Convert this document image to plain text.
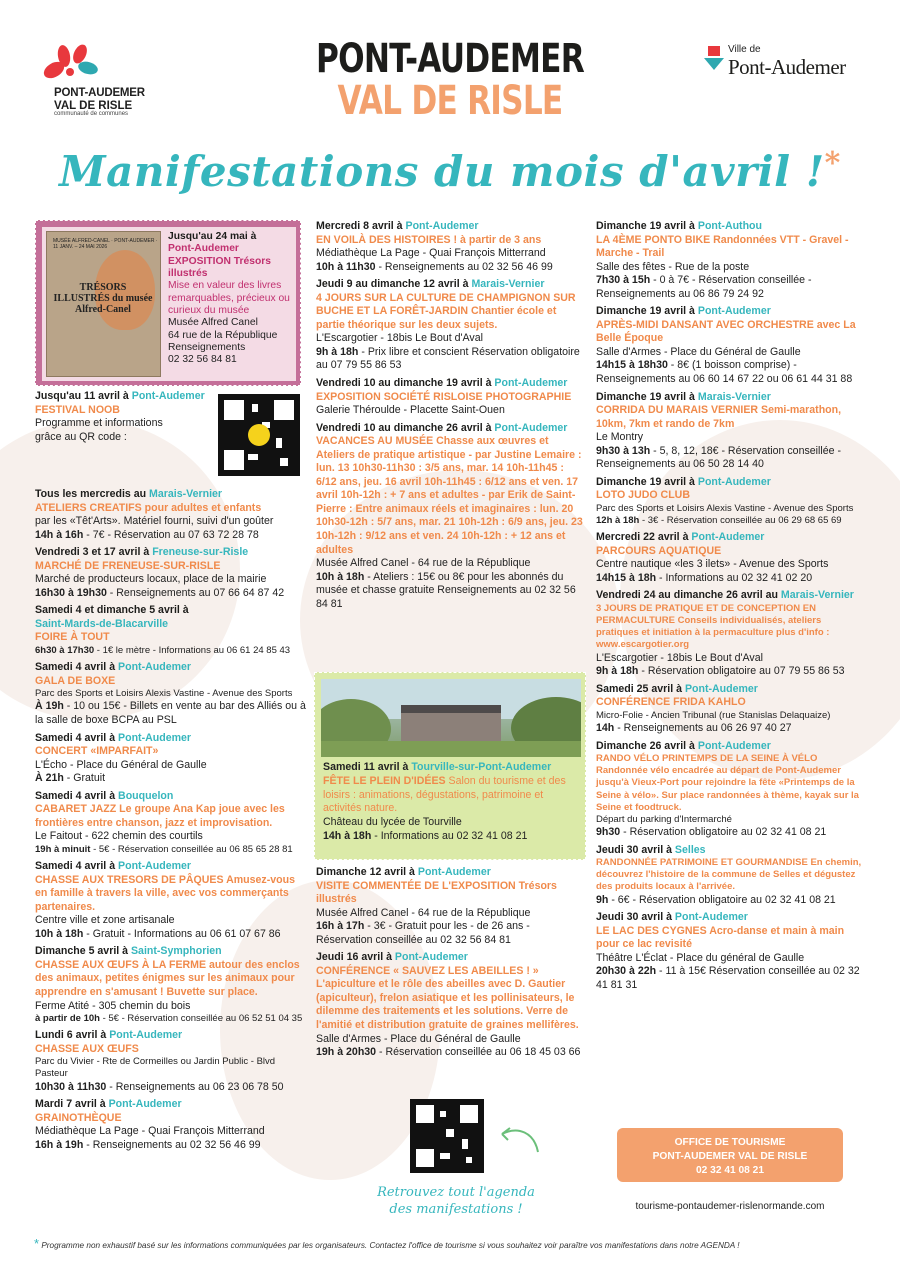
PONT-AUDEMER
VAL DE RISLE
communauté de communes
PONT-AUDEMER
VAL DE RISLE
Ville de
Pont-Audemer
Manifestations du mois d'avril !*
MUSÉE ALFRED-CANEL · PONT-AUDEMER · 11 JANV. – 24 MAI 2026
TRÉSORS ILLUSTRÉS du musée Alfred-Canel
Jusqu'au 24 mai à
Pont-Audemer
EXPOSITION Trésors illustrés
Mise en valeur des livres remarquables, précieux ou curieux du musée
Musée Alfred Canel
64 rue de la République
Renseignements
02 32 56 84 81
Jusqu'au 11 avril à Pont-Audemer
FESTIVAL NOOB
Programme et informations
grâce au QR code :
Tous les mercredis au Marais-Vernier
ATELIERS CREATIFS pour adultes et enfants
par les «Têt'Arts». Matériel fourni, suivi d'un goûter
14h à 16h - 7€ - Réservation au 07 63 72 28 78
Vendredi 3 et 17 avril à Freneuse-sur-Risle
MARCHÉ DE FRENEUSE-SUR-RISLE
Marché de producteurs locaux, place de la mairie
16h30 à 19h30 - Renseignements au 07 66 64 87 42
Samedi 4 et dimanche 5 avril à
Saint-Mards-de-Blacarville
FOIRE À TOUT
6h30 à 17h30 - 1€ le mètre - Informations au 06 61 24 85 43
Samedi 4 avril à Pont-Audemer
GALA DE BOXE
Parc des Sports et Loisirs Alexis Vastine - Avenue des Sports
À 19h - 10 ou 15€ - Billets en vente au bar des Alliés ou à la salle de boxe BCPA au PSL
Samedi 4 avril à Pont-Audemer
CONCERT «IMPARFAIT»
L'Écho - Place du Général de Gaulle
À 21h - Gratuit
Samedi 4 avril à Bouquelon
CABARET JAZZ Le groupe Ana Kap joue avec les frontières entre chanson, jazz et improvisation.
Le Faitout - 622 chemin des courtils
19h à minuit - 5€ - Réservation conseillée au 06 85 65 28 81
Samedi 4 avril à Pont-Audemer
CHASSE AUX TRESORS DE PÂQUES Amusez-vous en famille à travers la ville, avec vos commerçants partenaires.
Centre ville et zone artisanale
10h à 18h - Gratuit - Informations au 06 61 07 67 86
Dimanche 5 avril à Saint-Symphorien
CHASSE AUX ŒUFS À LA FERME autour des enclos des animaux, petites énigmes sur les animaux pour apprendre en s'amusant ! Buvette sur place.
Ferme Atité - 305 chemin du bois
à partir de 10h - 5€ - Réservation conseillée au 06 52 51 04 35
Lundi 6 avril à Pont-Audemer
CHASSE AUX ŒUFS
Parc du Vivier - Rte de Cormeilles ou Jardin Public - Blvd Pasteur
10h30 à 11h30 - Renseignements au 06 23 06 78 50
Mardi 7 avril à Pont-Audemer
GRAINOTHÈQUE
Médiathèque La Page - Quai François Mitterrand
16h à 19h - Renseignements au 02 32 56 46 99
Mercredi 8 avril à Pont-Audemer
EN VOILÀ DES HISTOIRES ! à partir de 3 ans
Médiathèque La Page - Quai François Mitterrand
10h à 11h30 - Renseignements au 02 32 56 46 99
Jeudi 9 au dimanche 12 avril à Marais-Vernier
4 JOURS SUR LA CULTURE DE CHAMPIGNON SUR BUCHE ET LA FORÊT-JARDIN Chantier école et partie théorique sur les deux sujets.
L'Escargotier - 18bis Le Bout d'Aval
9h à 18h - Prix libre et conscient Réservation obligatoire au 07 79 55 86 53
Vendredi 10 au dimanche 19 avril à Pont-Audemer
EXPOSITION SOCIÉTÉ RISLOISE PHOTOGRAPHIE
Galerie Théroulde - Placette Saint-Ouen
Vendredi 10 au dimanche 26 avril à Pont-Audemer
VACANCES AU MUSÉE Chasse aux œuvres et Ateliers de pratique artistique - par Justine Lemaire : lun. 13 10h30-11h30 : 3/5 ans, mar. 14 10h-11h45 : 6/12 ans, jeu. 16 avril 10h-11h45 : 6/12 ans et ven. 17 avril 10h-12h : + 7 ans et adultes - par Erik de Saint-Pierre : Entre animaux réels et imaginaires : lun. 20 10h30-12h : 5/7 ans, mar. 21 10h-12h : 6/9 ans, jeu. 23 10h-12h : 9/12 ans et ven. 24 10h-12h : + 12 ans et adultes
Musée Alfred Canel - 64 rue de la République
10h à 18h - Ateliers : 15€ ou 8€ pour les abonnés du musée et chasse gratuite Renseignements au 02 32 56 84 81
Samedi 11 avril à Tourville-sur-Pont-Audemer
FÊTE LE PLEIN D'IDÉES Salon du tourisme et des loisirs : animations, dégustations, patrimoine et activités nature.
Château du lycée de Tourville
14h à 18h - Informations au 02 32 41 08 21
Dimanche 12 avril à Pont-Audemer
VISITE COMMENTÉE DE L'EXPOSITION Trésors illustrés
Musée Alfred Canel - 64 rue de la République
16h à 17h - 3€ - Gratuit pour les - de 26 ans - Réservation conseillée au 02 32 56 84 81
Jeudi 16 avril à Pont-Audemer
CONFÉRENCE « SAUVEZ LES ABEILLES ! » L'apiculture et le rôle des abeilles avec D. Gautier (apiculteur), frelon asiatique et les pollinisateurs, le dilemme des traitements et les solutions. Verre de l'amitié et distribution gratuite de graines mellifères.
Salle d'Armes - Place du Général de Gaulle
19h à 20h30 - Réservation conseillée au 06 18 45 03 66
Retrouvez tout l'agenda
des manifestations !
Dimanche 19 avril à Pont-Authou
LA 4ÈME PONTO BIKE Randonnées VTT - Gravel - Marche - Trail
Salle des fêtes - Rue de la poste
7h30 à 15h - 0 à 7€ - Réservation conseillée - Renseignements au 06 86 79 24 92
Dimanche 19 avril à Pont-Audemer
APRÈS-MIDI DANSANT AVEC ORCHESTRE avec La Belle Époque
Salle d'Armes - Place du Général de Gaulle
14h15 à 18h30 - 8€ (1 boisson comprise) - Renseignements au 06 60 14 67 22 ou 06 61 44 31 88
Dimanche 19 avril à Marais-Vernier
CORRIDA DU MARAIS VERNIER Semi-marathon, 10km, 7km et rando de 7km
Le Montry
9h30 à 13h - 5, 8, 12, 18€ - Réservation conseillée - Renseignements au 06 50 28 14 40
Dimanche 19 avril à Pont-Audemer
LOTO JUDO CLUB
Parc des Sports et Loisirs Alexis Vastine - Avenue des Sports
12h à 18h - 3€ - Réservation conseillée au 06 29 68 65 69
Mercredi 22 avril à Pont-Audemer
PARCOURS AQUATIQUE
Centre nautique «les 3 ilets» - Avenue des Sports
14h15 à 18h - Informations au 02 32 41 02 20
Vendredi 24 au dimanche 26 avril au Marais-Vernier
3 JOURS DE PRATIQUE ET DE CONCEPTION EN PERMACULTURE Conseils individualisés, ateliers pratiques et initiation à la permaculture plus d'info : www.escargotier.org
L'Escargotier - 18bis Le Bout d'Aval
9h à 18h - Réservation obligatoire au 07 79 55 86 53
Samedi 25 avril à Pont-Audemer
CONFÉRENCE FRIDA KAHLO
Micro-Folie - Ancien Tribunal (rue Stanislas Delaquaize)
14h - Renseignements au 06 26 97 40 27
Dimanche 26 avril à Pont-Audemer
RANDO VÉLO PRINTEMPS DE LA SEINE À VÉLO Randonnée vélo encadrée au départ de Pont-Audemer jusqu'à Vieux-Port pour rejoindre la fête «Printemps de la Seine à vélo». Sur place randonnées à thème, kayak sur la Seine et foodtruck.
Départ du parking d'Intermarché
9h30 - Réservation obligatoire au 02 32 41 08 21
Jeudi 30 avril à Selles
RANDONNÉE PATRIMOINE ET GOURMANDISE En chemin, découvrez l'histoire de la commune de Selles et dégustez des produits locaux à l'arrivée.
9h - 6€ - Réservation obligatoire au 02 32 41 08 21
Jeudi 30 avril à Pont-Audemer
LE LAC DES CYGNES Acro-danse et main à main pour ce lac revisité
Théâtre L'Éclat - Place du général de Gaulle
20h30 à 22h - 11 à 15€ Réservation conseillée au 02 32 41 81 31
OFFICE DE TOURISME
PONT-AUDEMER VAL DE RISLE
02 32 41 08 21
tourisme-pontaudemer-rislenormande.com
* Programme non exhaustif basé sur les informations communiquées par les organisateurs. Contactez l'office de tourisme si vous souhaitez voir paraître vos manifestations dans notre AGENDA !
